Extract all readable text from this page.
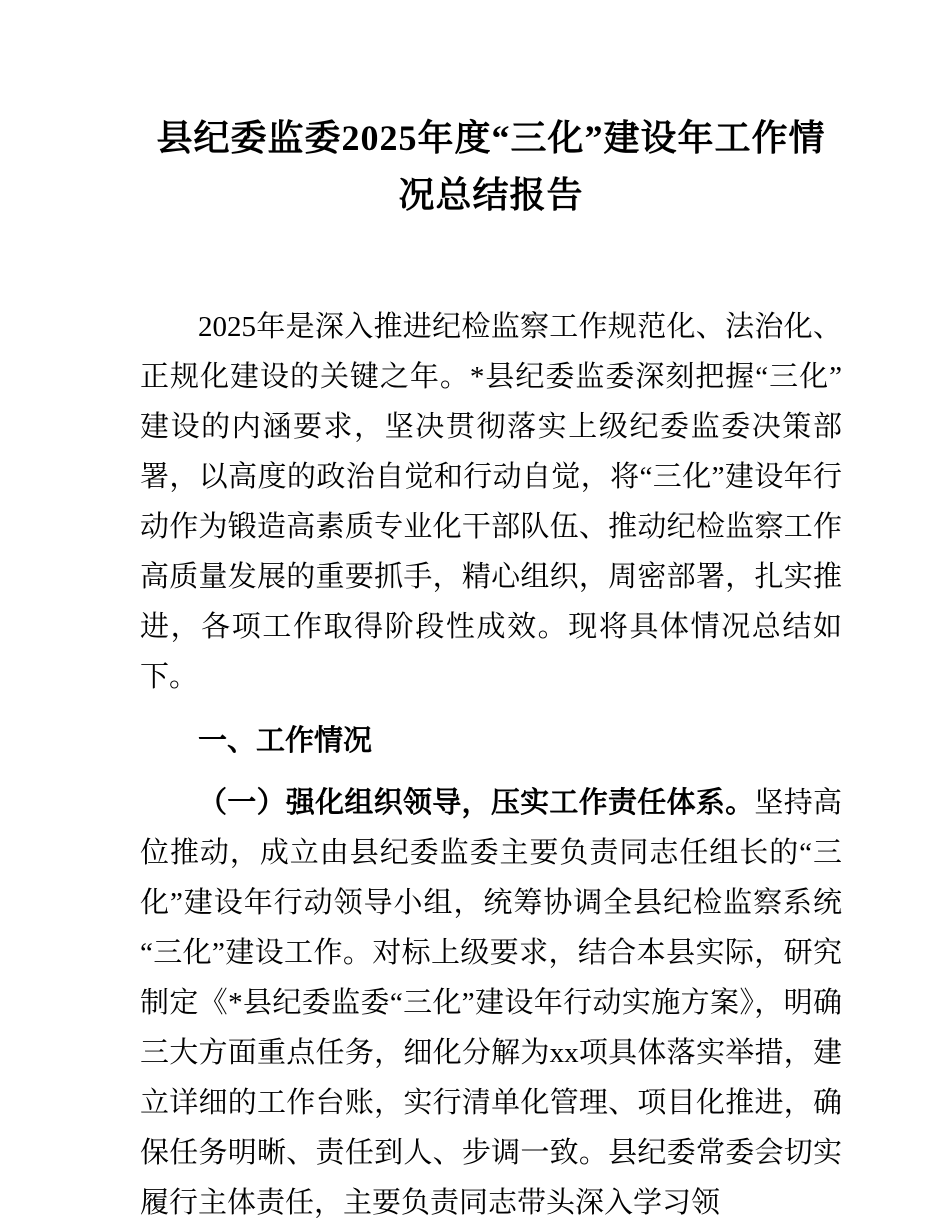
县纪委监委2025年度“三化”建设年工作情况总结报告

2025年是深入推进纪检监察工作规范化、法治化、正规化建设的关键之年。*县纪委监委深刻把握“三化”建设的内涵要求，坚决贯彻落实上级纪委监委决策部署，以高度的政治自觉和行动自觉，将“三化”建设年行动作为锻造高素质专业化干部队伍、推动纪检监察工作高质量发展的重要抓手，精心组织，周密部署，扎实推进，各项工作取得阶段性成效。现将具体情况总结如下。

一、工作情况

（一）强化组织领导，压实工作责任体系。坚持高位推动，成立由县纪委监委主要负责同志任组长的“三化”建设年行动领导小组，统筹协调全县纪检监察系统“三化”建设工作。对标上级要求，结合本县实际，研究制定《*县纪委监委“三化”建设年行动实施方案》，明确三大方面重点任务，细化分解为xx项具体落实举措，建立详细的工作台账，实行清单化管理、项目化推进，确保任务明晰、责任到人、步调一致。县纪委常委会切实履行主体责任，主要负责同志带头深入学习领
